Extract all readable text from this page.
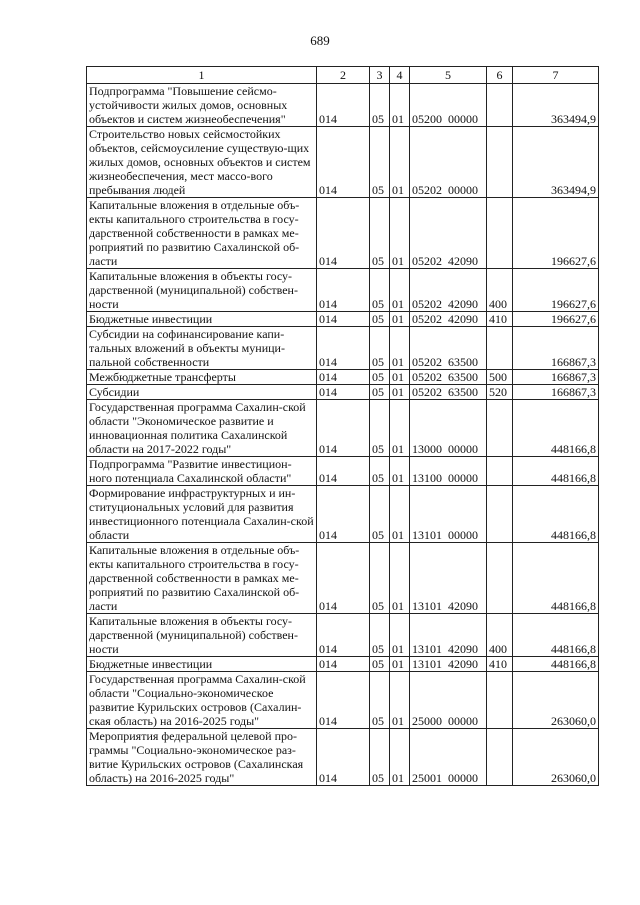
689
1	2	3	4	5	6	7
Подпрограмма "Повышение сейсмо-устойчивости жилых домов, основных объектов и систем жизнеобеспечения"	014	05	01	05200  00000		363494,9
Строительство новых сейсмостойких объектов, сейсмоусиление существую-щих жилых домов, основных объектов и систем жизнеобеспечения, мест массо-вого пребывания людей	014	05	01	05202  00000		363494,9
Капитальные вложения в отдельные объ-екты капитального строительства в госу-дарственной собственности в рамках ме-роприятий по развитию Сахалинской об-ласти	014	05	01	05202  42090		196627,6
Капитальные вложения в объекты госу-дарственной (муниципальной) собствен-ности	014	05	01	05202  42090	400	196627,6
Бюджетные инвестиции	014	05	01	05202  42090	410	196627,6
Субсидии на софинансирование капи-тальных вложений в объекты муници-пальной собственности	014	05	01	05202  63500		166867,3
Межбюджетные трансферты	014	05	01	05202  63500	500	166867,3
Субсидии	014	05	01	05202  63500	520	166867,3
Государственная программа Сахалин-ской области "Экономическое развитие и инновационная политика Сахалинской области на 2017-2022 годы"	014	05	01	13000  00000		448166,8
Подпрограмма "Развитие инвестицион-ного потенциала Сахалинской области"	014	05	01	13100  00000		448166,8
Формирование инфраструктурных и ин-ституциональных условий для развития инвестиционного потенциала Сахалин-ской области	014	05	01	13101  00000		448166,8
Капитальные вложения в отдельные объ-екты капитального строительства в госу-дарственной собственности в рамках ме-роприятий по развитию Сахалинской об-ласти	014	05	01	13101  42090		448166,8
Капитальные вложения в объекты госу-дарственной (муниципальной) собствен-ности	014	05	01	13101  42090	400	448166,8
Бюджетные инвестиции	014	05	01	13101  42090	410	448166,8
Государственная программа Сахалин-ской области "Социально-экономическое развитие Курильских островов (Сахалин-ская область) на 2016-2025 годы"	014	05	01	25000  00000		263060,0
Мероприятия федеральной целевой про-граммы "Социально-экономическое раз-витие Курильских островов (Сахалинская область) на 2016-2025 годы"	014	05	01	25001  00000		263060,0
